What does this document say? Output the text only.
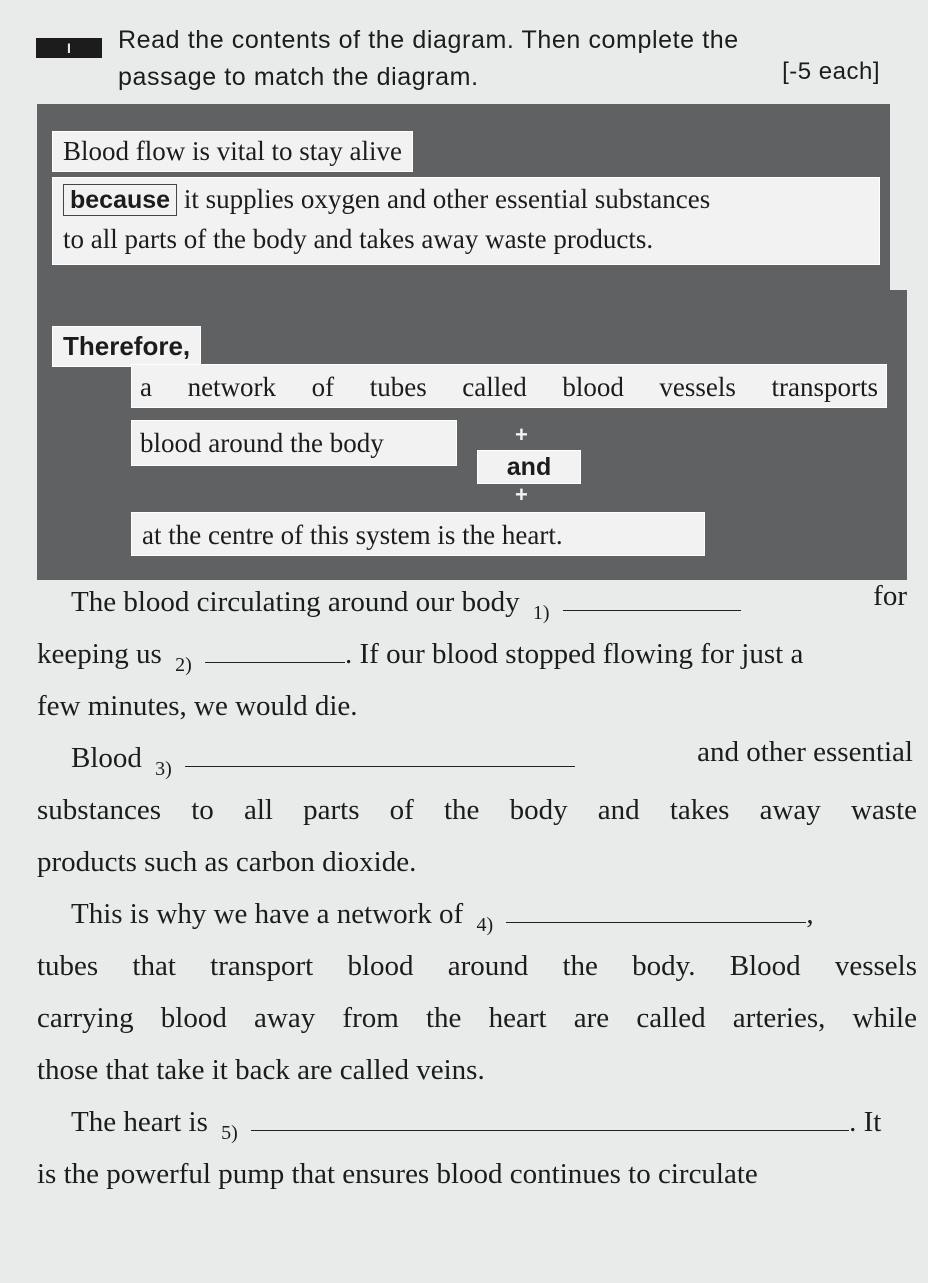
I	Read the contents of the diagram. Then complete the
passage to match the diagram.	[-5 each]
Blood flow is vital to stay alive
because it supplies oxygen and other essential substances
to all parts of the body and takes away waste products.
Therefore,
a network of tubes called blood vessels transports
blood around the body	+
and
+
at the centre of this system is the heart.
The blood circulating around our body $_{1)}$
for
keeping us $_{2)}$	. If our blood stopped flowing for just a
few minutes, we would die.
Blood $_{3)}$
and other essential
substances to all parts of the body and takes away waste
products such as carbon dioxide.
This is why we have a network of $_{4)}$	,
tubes that transport blood around the body. Blood vessels
carrying blood away from the heart are called arteries, while
those that take it back are called veins.
The heart is $_{5)}$	. It
is the powerful pump that ensures blood continues to circulate
